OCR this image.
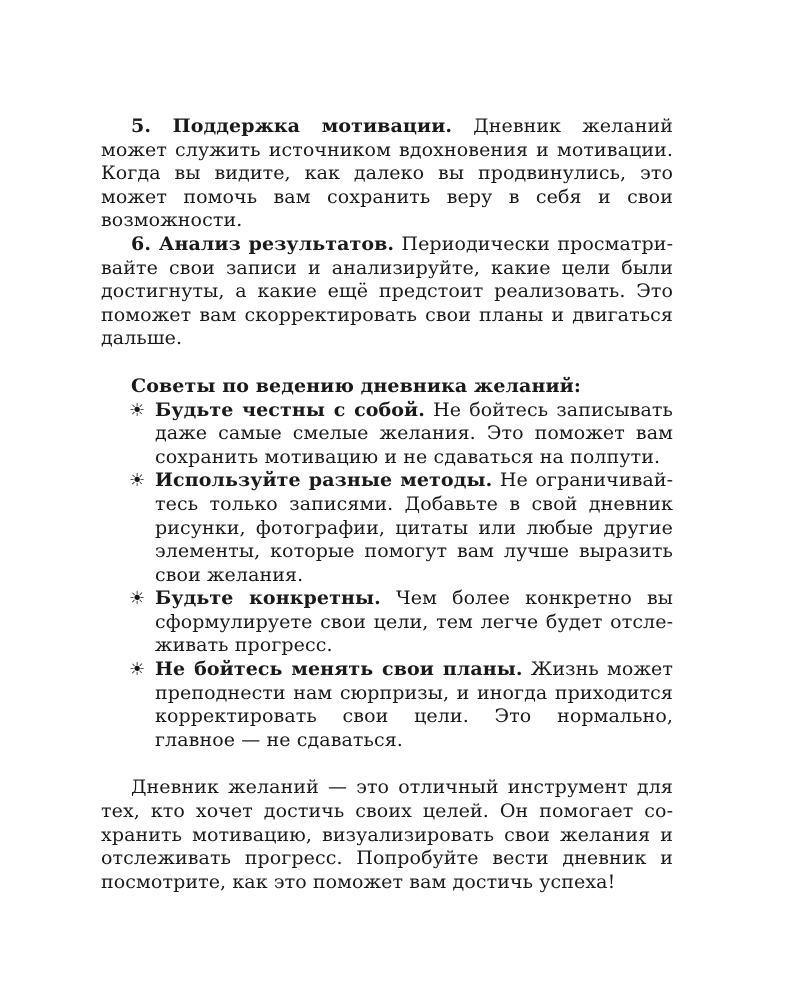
5. Поддержка мотивации. Дневник желаний может служить источником вдохновения и мотивации. Когда вы видите, как далеко вы продвинулись, это может помочь вам сохранить веру в себя и свои возможности.

6. Анализ результатов. Периодически просматривайте свои записи и анализируйте, какие цели были достигнуты, а какие ещё предстоит реализовать. Это поможет вам скорректировать свои планы и двигаться дальше.

Советы по ведению дневника желаний:

☀ Будьте честны с собой. Не бойтесь записывать даже самые смелые желания. Это поможет вам сохранить мотивацию и не сдаваться на полпути.
☀ Используйте разные методы. Не ограничивайтесь только записями. Добавьте в свой дневник рисунки, фотографии, цитаты или любые другие элементы, которые помогут вам лучше выразить свои желания.
☀ Будьте конкретны. Чем более конкретно вы сформулируете свои цели, тем легче будет отслеживать прогресс.
☀ Не бойтесь менять свои планы. Жизнь может преподнести нам сюрпризы, и иногда приходится корректировать свои цели. Это нормально, главное — не сдаваться.

Дневник желаний — это отличный инструмент для тех, кто хочет достичь своих целей. Он помогает сохранить мотивацию, визуализировать свои желания и отслеживать прогресс. Попробуйте вести дневник и посмотрите, как это поможет вам достичь успеха!
